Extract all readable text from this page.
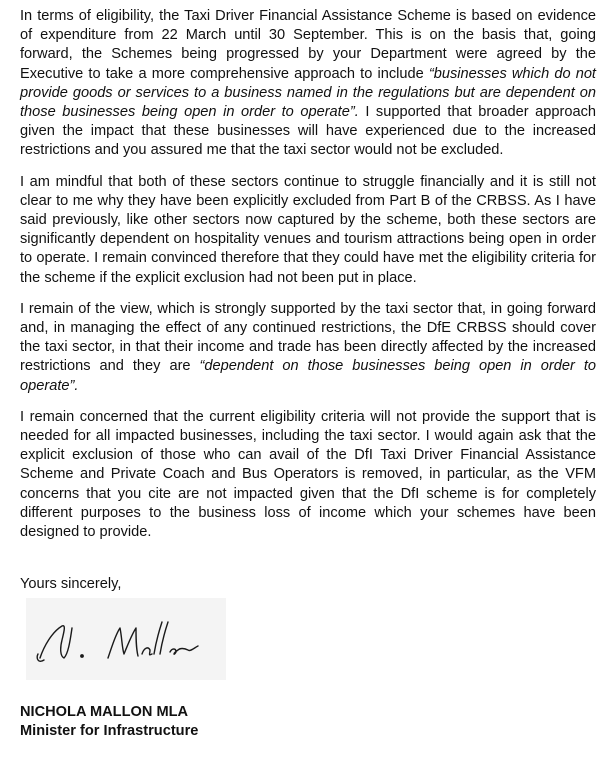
In terms of eligibility, the Taxi Driver Financial Assistance Scheme is based on evidence of expenditure from 22 March until 30 September. This is on the basis that, going forward, the Schemes being progressed by your Department were agreed by the Executive to take a more comprehensive approach to include “businesses which do not provide goods or services to a business named in the regulations but are dependent on those businesses being open in order to operate”. I supported that broader approach given the impact that these businesses will have experienced due to the increased restrictions and you assured me that the taxi sector would not be excluded.

I am mindful that both of these sectors continue to struggle financially and it is still not clear to me why they have been explicitly excluded from Part B of the CRBSS. As I have said previously, like other sectors now captured by the scheme, both these sectors are significantly dependent on hospitality venues and tourism attractions being open in order to operate. I remain convinced therefore that they could have met the eligibility criteria for the scheme if the explicit exclusion had not been put in place.

I remain of the view, which is strongly supported by the taxi sector that, in going forward and, in managing the effect of any continued restrictions, the DfE CRBSS should cover the taxi sector, in that their income and trade has been directly affected by the increased restrictions and they are “dependent on those businesses being open in order to operate”.

I remain concerned that the current eligibility criteria will not provide the support that is needed for all impacted businesses, including the taxi sector. I would again ask that the explicit exclusion of those who can avail of the DfI Taxi Driver Financial Assistance Scheme and Private Coach and Bus Operators is removed, in particular, as the VFM concerns that you cite are not impacted given that the DfI scheme is for completely different purposes to the business loss of income which your schemes have been designed to provide.

Yours sincerely,

NICHOLA MALLON MLA
Minister for Infrastructure
